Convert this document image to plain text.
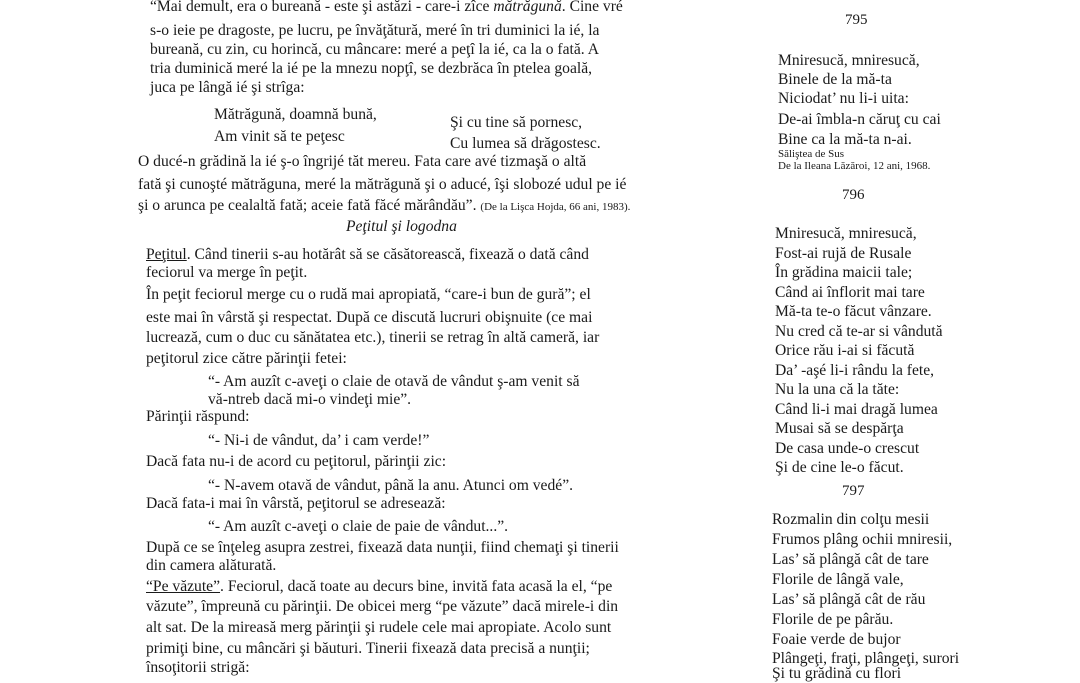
“Mai demult, era o bureană - este şi astăzi - care-i zîce mătrăgună. Cine vré
s-o ieie pe dragoste, pe lucru, pe învăţătură, meré în tri duminici la ié, la
bureană, cu zin, cu horincă, cu mâncare: meré a peţî la ié, ca la o fată. A
tria duminică meré la ié pe la mnezu nopţî, se dezbrăca în ptelea goală,
juca pe lângă ié şi strîga:
Mătrăgună, doamnă bună,	Şi cu tine să pornesc,
Am vinit să te peţesc	Cu lumea să drăgostesc.
O ducé-n grădină la ié ş-o îngrijé tăt mereu. Fata care avé tizmaşă o altă
fată şi cunoşté mătrăguna, meré la mătrăgună şi o aducé, îşi slobozé udul pe ié
şi o arunca pe cealaltă fată; aceie fată făcé mărândău”. (De la Lişca Hojda, 66 ani, 1983).
Peţitul şi logodna
Peţitul. Când tinerii s-au hotărât să se căsătorească, fixează o dată când
feciorul va merge în peţit.
În peţit feciorul merge cu o rudă mai apropiată, “care-i bun de gură”; el
este mai în vârstă şi respectat. După ce discută lucruri obişnuite (ce mai
lucrează, cum o duc cu sănătatea etc.), tinerii se retrag în altă cameră, iar
peţitorul zice către părinţii fetei:
“- Am auzît c-aveţi o claie de otavă de vândut ş-am venit să
vă-ntreb dacă mi-o vindeţi mie”.
Părinţii răspund:
“- Ni-i de vândut, da’ i cam verde!”
Dacă fata nu-i de acord cu peţitorul, părinţii zic:
“- N-avem otavă de vândut, până la anu. Atunci om vedé”.
Dacă fata-i mai în vârstă, peţitorul se adresează:
“- Am auzît c-aveţi o claie de paie de vândut...”.
După ce se înţeleg asupra zestrei, fixează data nunţii, fiind chemaţi şi tinerii
din camera alăturată.
“Pe văzute”. Feciorul, dacă toate au decurs bine, invită fata acasă la el, “pe
văzute”, împreună cu părinţii. De obicei merg “pe văzute” dacă mirele-i din
alt sat. De la mireasă merg părinţii şi rudele cele mai apropiate. Acolo sunt
primiţi bine, cu mâncări şi băuturi. Tinerii fixează data precisă a nunţii;
însoţitorii strigă:
795
Mniresucă, mniresucă,
Binele de la mă-ta
Niciodat’ nu li-i uita:
De-ai îmbla-n căruţ cu cai
Bine ca la mă-ta n-ai.
Sălişteа de Sus
De la Ileana Lăzăroi, 12 ani, 1968.
796
Mniresucă, mniresucă,
Fost-ai rujă de Rusale
În grădina maicii tale;
Când ai înflorit mai tare
Mă-ta te-o făcut vânzare.
Nu cred că te-ar si vândută
Orice rău i-ai si făcută
Da’ -aşé li-i rându la fete,
Nu la una că la tăte:
Când li-i mai dragă lumea
Musai să se despărţa
De casa unde-o crescut
Şi de cine le-o făcut.
797
Rozmalin din colţu mesii
Frumos plâng ochii mniresii,
Las’ să plângă cât de tare
Florile de lângă vale,
Las’ să plângă cât de rău
Florile de pe pârău.
Foaie verde de bujor
Plângeţi, fraţi, plângeţi, surori
Şi tu grădină cu flori
